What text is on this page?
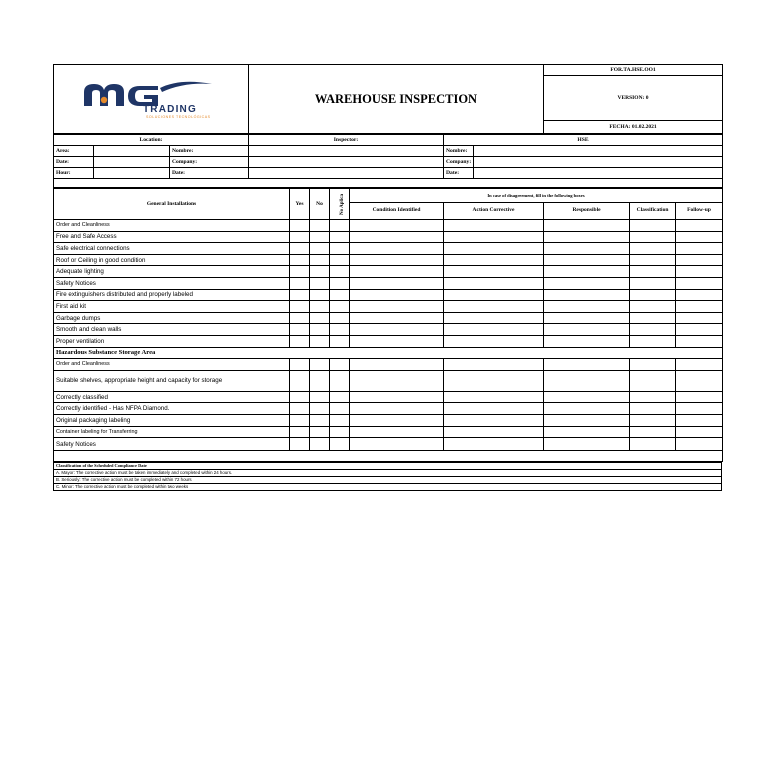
TRADING
SOLUCIONES TECNOLÓGICAS
	WAREHOUSE INSPECTION	FOR.TA.HSE.OO1
VERSION: 0
FECHA: 01.02.2021
Location:			Inspector:	HSE	
Area:		Nombre:		Nombre:	
Date:		Company:		Company:	
Hour:		Date:		Date:	

General Installations	Yes	No	No Aplica	In case of disagreement, fill in the following boxes				
				Condition Identified	Action Corrective	Responsible	Classification	Follow-up
Order and Cleanliness								
Free and Safe Access								
Safe electrical connections								
Roof or Ceiling in good condition								
Adequate lighting								
Safety Notices								
Fire extinguishers distributed and properly labeled								
First aid kit								
Garbage dumps								
Smooth and clean walls								
Proper ventilation								
Hazardous Substance Storage Area								
Order and Cleanliness								
Suitable shelves, appropriate height and capacity for storage								
Correctly classified								
Correctly identified - Has NFPA Diamond.								
Original packaging labeling								
Container labeling for Transferring								
Safety Notices								

Classification of the Scheduled Compliance Date
A. Mayor: The corrective action must be taken immediately and completed within 24 hours.
B. Seriously: The corrective action must be completed within 72 hours
C. Minor: The corrective action must be completed within two weeks
